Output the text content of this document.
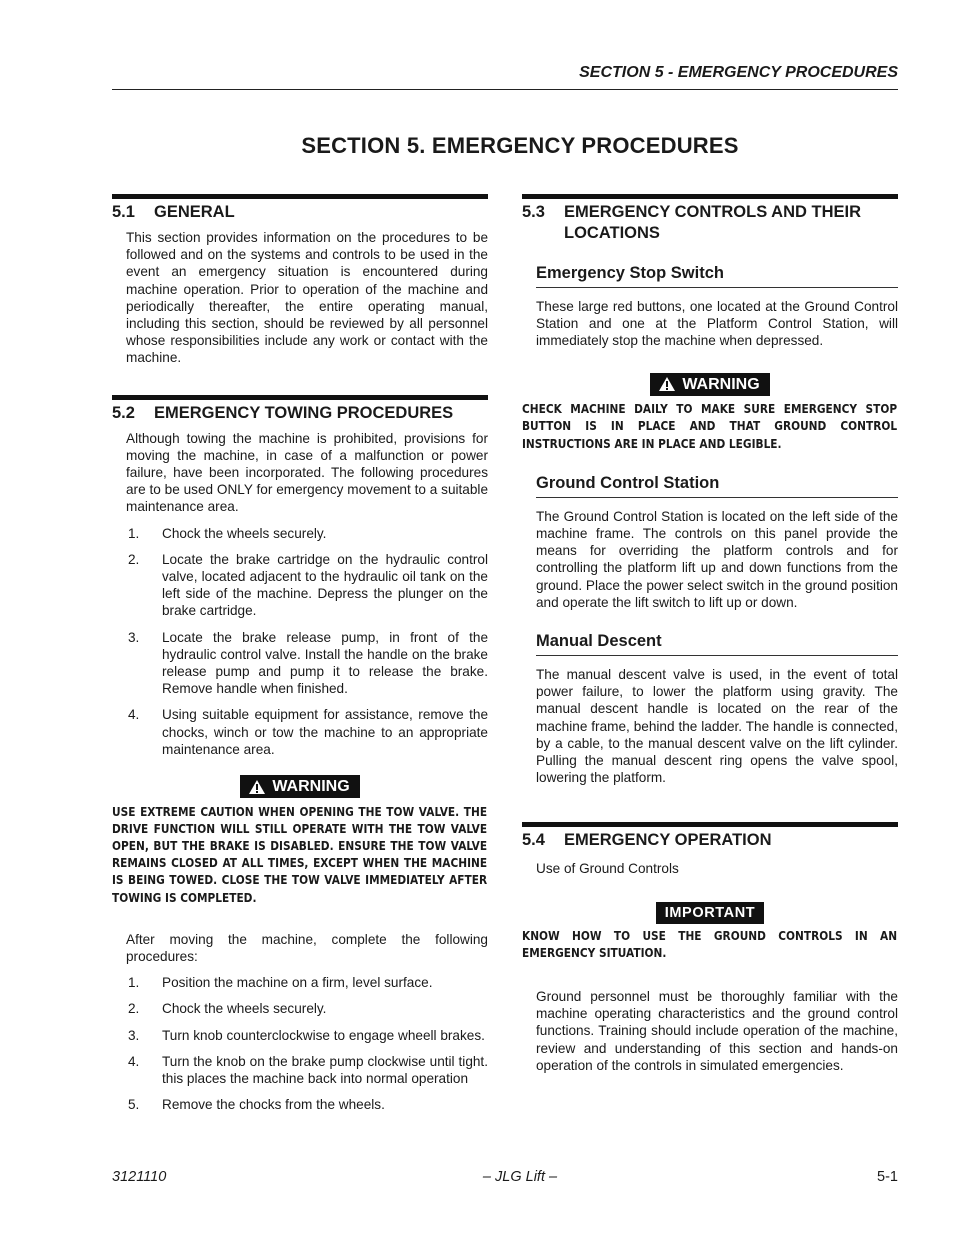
SECTION 5 - EMERGENCY PROCEDURES
SECTION 5. EMERGENCY PROCEDURES
5.1	GENERAL

This section provides information on the procedures to be followed and on the systems and controls to be used in the event an emergency situation is encountered during machine operation. Prior to operation of the machine and periodically thereafter, the entire operating manual, including this section, should be reviewed by all personnel whose responsibilities include any work or contact with the machine.

5.2	EMERGENCY TOWING PROCEDURES

Although towing the machine is prohibited, provisions for moving the machine, in case of a malfunction or power failure, have been incorporated. The following procedures are to be used ONLY for emergency movement to a suitable maintenance area.

1.	Chock the wheels securely.
2.	Locate the brake cartridge on the hydraulic control valve, located adjacent to the hydraulic oil tank on the left side of the machine. Depress the plunger on the brake cartridge.
3.	Locate the brake release pump, in front of the hydraulic control valve. Install the handle on the brake release pump and pump it to release the brake. Remove handle when finished.
4.	Using suitable equipment for assistance, remove the chocks, winch or tow the machine to an appropriate maintenance area.
WARNING
USE EXTREME CAUTION WHEN OPENING THE TOW VALVE. THE DRIVE FUNCTION WILL STILL OPERATE WITH THE TOW VALVE OPEN, BUT THE BRAKE IS DISABLED. ENSURE THE TOW VALVE REMAINS CLOSED AT ALL TIMES, EXCEPT WHEN THE MACHINE IS BEING TOWED. CLOSE THE TOW VALVE IMMEDIATELY AFTER TOWING IS COMPLETED.

After moving the machine, complete the following procedures:

1.	Position the machine on a firm, level surface.
2.	Chock the wheels securely.
3.	Turn knob counterclockwise to engage wheell brakes.
4.	Turn the knob on the brake pump clockwise until tight. this places the machine back into normal operation
5.	Remove the chocks from the wheels.
5.3	EMERGENCY CONTROLS AND THEIR
LOCATIONS
Emergency Stop Switch

These large red buttons, one located at the Ground Control Station and one at the Platform Control Station, will immediately stop the machine when depressed.

WARNING
CHECK MACHINE DAILY TO MAKE SURE EMERGENCY STOP BUTTON IS IN PLACE AND THAT GROUND CONTROL INSTRUCTIONS ARE IN PLACE AND LEGIBLE.
Ground Control Station

The Ground Control Station is located on the left side of the machine frame. The controls on this panel provide the means for overriding the platform controls and for controlling the platform lift up and down functions from the ground. Place the power select switch in the ground position and operate the lift switch to lift up or down.

Manual Descent

The manual descent valve is used, in the event of total power failure, to lower the platform using gravity. The manual descent handle is located on the rear of the machine frame, behind the ladder. The handle is connected, by a cable, to the manual descent valve on the lift cylinder. Pulling the manual descent ring opens the valve spool, lowering the platform.

5.4	EMERGENCY OPERATION

Use of Ground Controls

IMPORTANT
KNOW HOW TO USE THE GROUND CONTROLS IN AN EMERGENCY SITUATION.

Ground personnel must be thoroughly familiar with the machine operating characteristics and the ground control functions. Training should include operation of the machine, review and understanding of this section and hands-on operation of the controls in simulated emergencies.

3121110	– JLG Lift –	5-1
